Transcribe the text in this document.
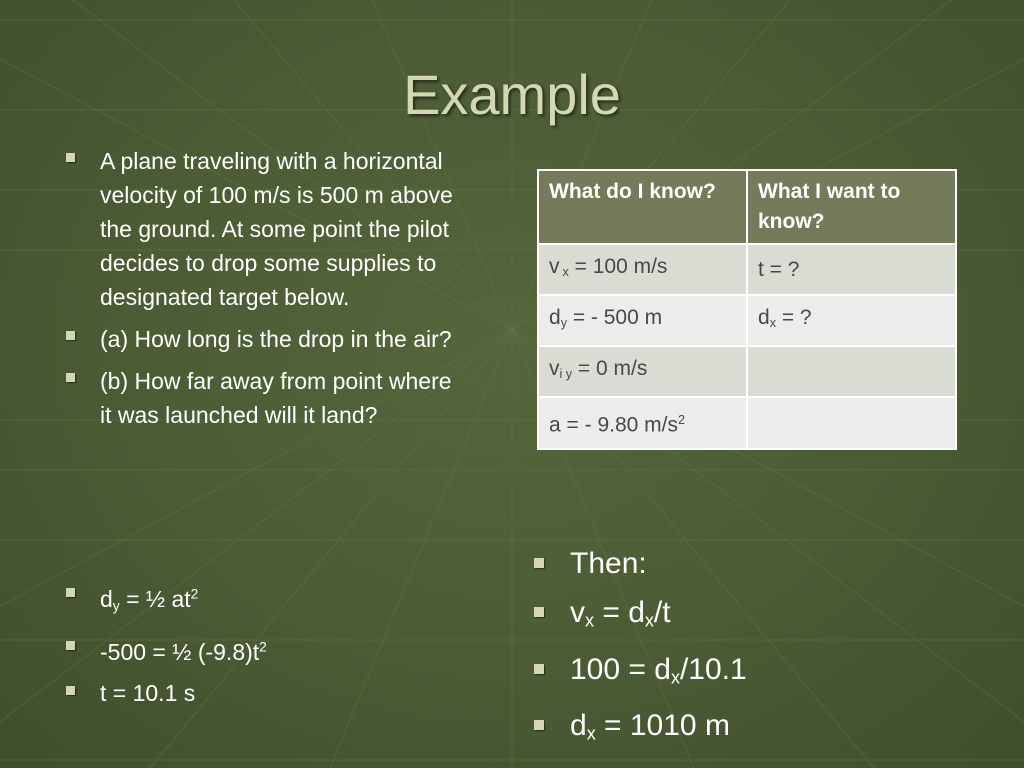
Example
A plane traveling with a horizontal velocity of 100 m/s is 500 m above the ground. At some point the pilot decides to drop some supplies to designated target below.
(a) How long is the drop in the air?
(b) How far away from point where it was launched will it land?
$d_y$ = ½ $at^2$
-500 = ½ $(-9.8)t^2$
t = 10.1 s
What do I know?	What I want to know?
v x = 100 m/s	t = ?
$d_y$ = - 500 m	$d_x$ = ?
$v_{i y} = 0$ m/s	
a = - 9.80 $m/s^2$	
Then:
$v_x = d_x/t$
$100 = d_x/10.1$
$d_x = 1010$ m
